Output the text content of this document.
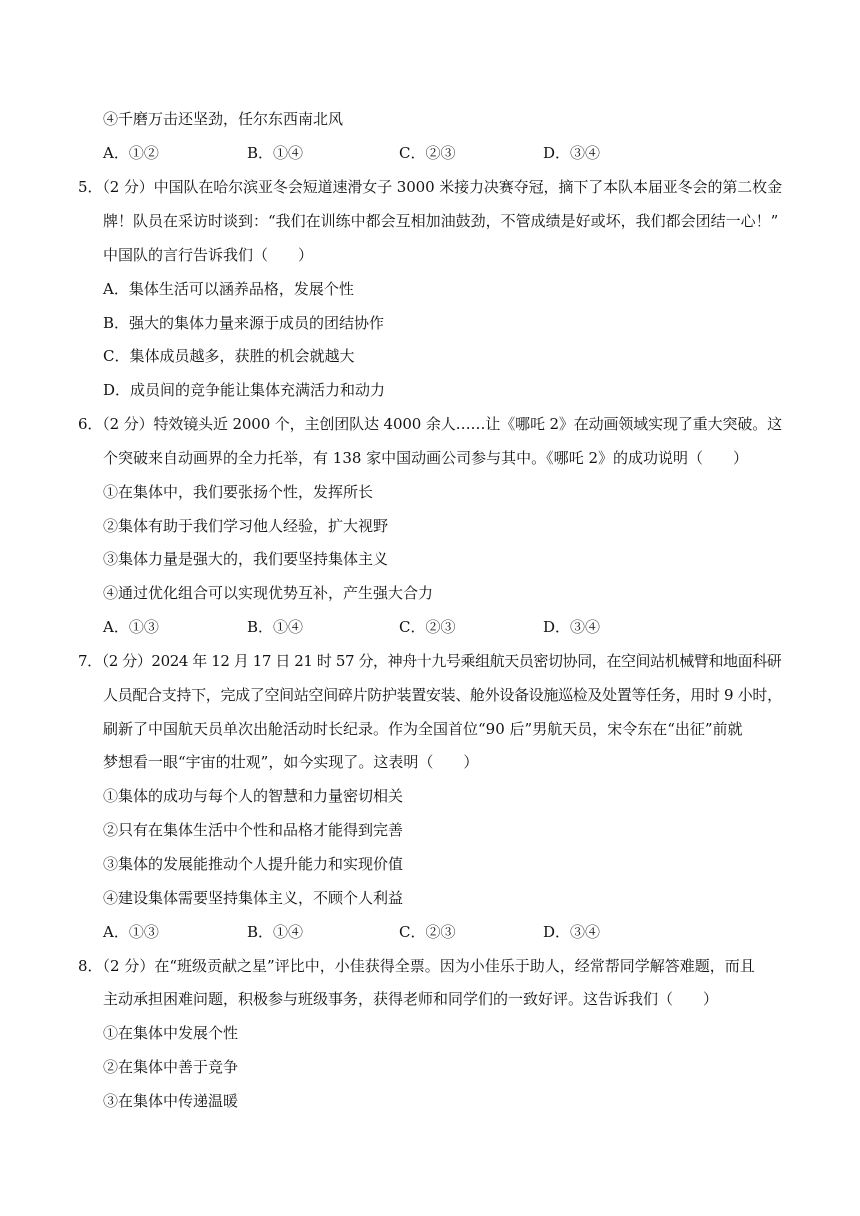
④千磨万击还坚劲，任尔东西南北风
A．①②	B．①④	C．②③	D．③④
5．（2 分）中国队在哈尔滨亚冬会短道速滑女子 3000 米接力决赛夺冠，摘下了本队本届亚冬会的第二枚金
牌！队员在采访时谈到：“我们在训练中都会互相加油鼓劲，不管成绩是好或坏，我们都会团结一心！”
中国队的言行告诉我们（　　）
A．集体生活可以涵养品格，发展个性
B．强大的集体力量来源于成员的团结协作
C．集体成员越多，获胜的机会就越大
D．成员间的竞争能让集体充满活力和动力
6．（2 分）特效镜头近 2000 个，主创团队达 4000 余人……让《哪吒 2》在动画领域实现了重大突破。这
个突破来自动画界的全力托举，有 138 家中国动画公司参与其中。《哪吒 2》的成功说明（　　）
①在集体中，我们要张扬个性，发挥所长
②集体有助于我们学习他人经验，扩大视野
③集体力量是强大的，我们要坚持集体主义
④通过优化组合可以实现优势互补，产生强大合力
A．①③	B．①④	C．②③	D．③④
7．（2 分）2024 年 12 月 17 日 21 时 57 分，神舟十九号乘组航天员密切协同，在空间站机械臂和地面科研
人员配合支持下，完成了空间站空间碎片防护装置安装、舱外设备设施巡检及处置等任务，用时 9 小时，
刷新了中国航天员单次出舱活动时长纪录。作为全国首位“90 后”男航天员，宋令东在“出征”前就
梦想看一眼“宇宙的壮观”，如今实现了。这表明（　　）
①集体的成功与每个人的智慧和力量密切相关
②只有在集体生活中个性和品格才能得到完善
③集体的发展能推动个人提升能力和实现价值
④建设集体需要坚持集体主义，不顾个人利益
A．①③	B．①④	C．②③	D．③④
8．（2 分）在“班级贡献之星”评比中，小佳获得全票。因为小佳乐于助人，经常帮同学解答难题，而且
主动承担困难问题，积极参与班级事务，获得老师和同学们的一致好评。这告诉我们（　　）
①在集体中发展个性
②在集体中善于竞争
③在集体中传递温暖
